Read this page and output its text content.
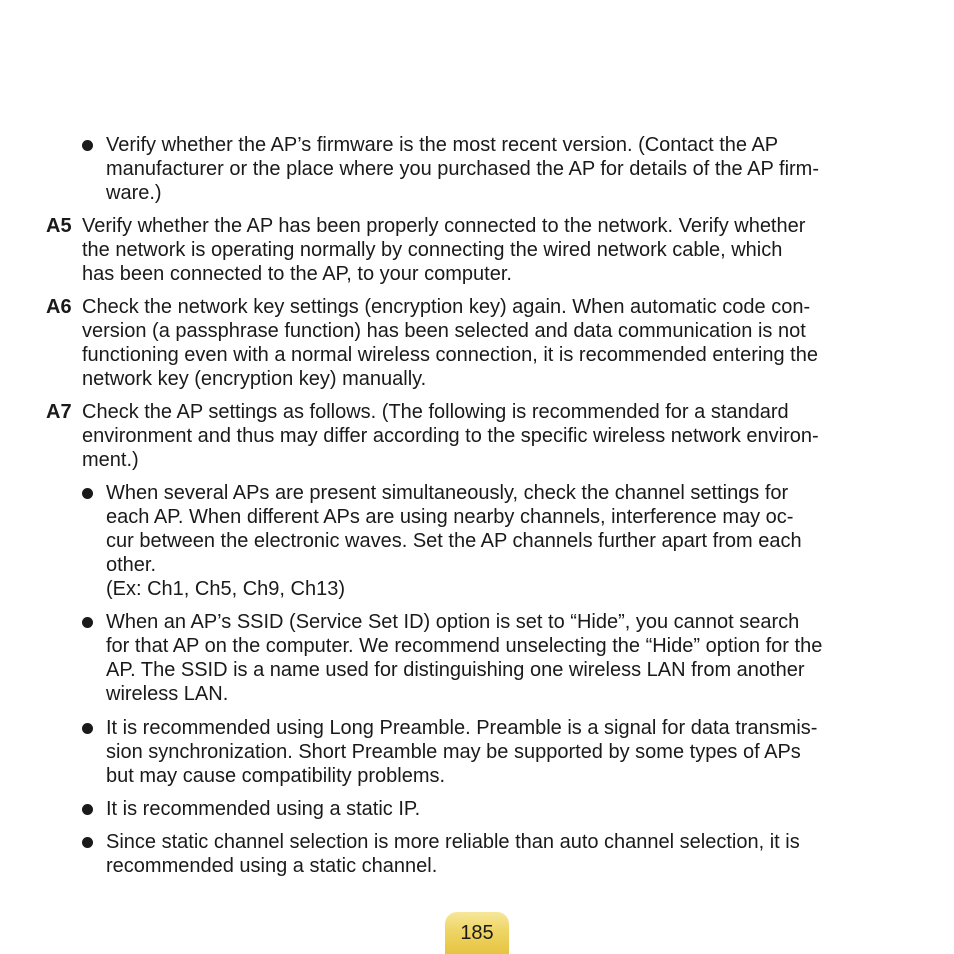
Verify whether the AP’s firmware is the most recent version. (Contact the AP
manufacturer or the place where you purchased the AP for details of the AP firm-
ware.)
A5 Verify whether the AP has been properly connected to the network. Verify whether
the network is operating normally by connecting the wired network cable, which
has been connected to the AP, to your computer.
A6 Check the network key settings (encryption key) again. When automatic code con-
version (a passphrase function) has been selected and data communication is not
functioning even with a normal wireless connection, it is recommended entering the
network key (encryption key) manually.
A7 Check the AP settings as follows. (The following is recommended for a standard
environment and thus may differ according to the specific wireless network environ-
ment.)
When several APs are present simultaneously, check the channel settings for
each AP. When different APs are using nearby channels, interference may oc-
cur between the electronic waves. Set the AP channels further apart from each
other.
(Ex: Ch1, Ch5, Ch9, Ch13)
When an AP’s SSID (Service Set ID) option is set to “Hide”, you cannot search
for that AP on the computer. We recommend unselecting the “Hide” option for the
AP. The SSID is a name used for distinguishing one wireless LAN from another
wireless LAN.
It is recommended using Long Preamble. Preamble is a signal for data transmis-
sion synchronization. Short Preamble may be supported by some types of APs
but may cause compatibility problems.
It is recommended using a static IP.
Since static channel selection is more reliable than auto channel selection, it is
recommended using a static channel.
185
